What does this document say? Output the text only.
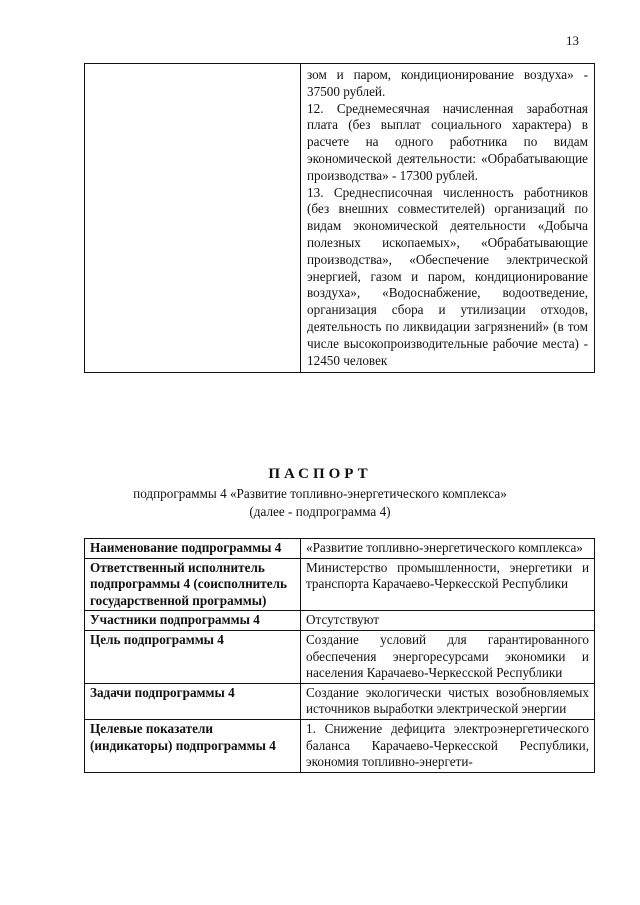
13

зом и паром, кондиционирование воздуха» - 37500 рублей.

12. Среднемесячная начисленная заработная плата (без выплат социального характера) в расчете на одного работника по видам экономической деятельности: «Обрабатывающие производства» - 17300 рублей.

13. Среднесписочная численность работников (без внешних совместителей) организаций по видам экономической деятельности «Добыча полезных ископаемых», «Обрабатывающие производства», «Обеспечение электрической энергией, газом и паром, кондиционирование воздуха», «Водоснабжение, водоотведение, организация сбора и утилизации отходов, деятельность по ликвидации загрязнений» (в том числе высокопроизводительные рабочие места) - 12450 человек

ПАСПОРТ
подпрограммы 4 «Развитие топливно-энергетического комплекса»
(далее - подпрограмма 4)
Наименование подпрограммы 4	«Развитие топливно-энергетического комплекса»
Ответственный исполнитель подпрограммы 4 (соисполнитель государственной программы)	Министерство промышленности, энергетики и транспорта Карачаево-Черкесской Республики
Участники подпрограммы 4	Отсутствуют
Цель подпрограммы 4	Создание условий для гарантированного обеспечения энергоресурсами экономики и населения Карачаево-Черкесской Республики
Задачи подпрограммы 4	Создание экологически чистых возобновляемых источников выработки электрической энергии
Целевые показатели (индикаторы) подпрограммы 4	1. Снижение дефицита электроэнергетического баланса Карачаево-Черкесской Республики, экономия топливно-энергети-
